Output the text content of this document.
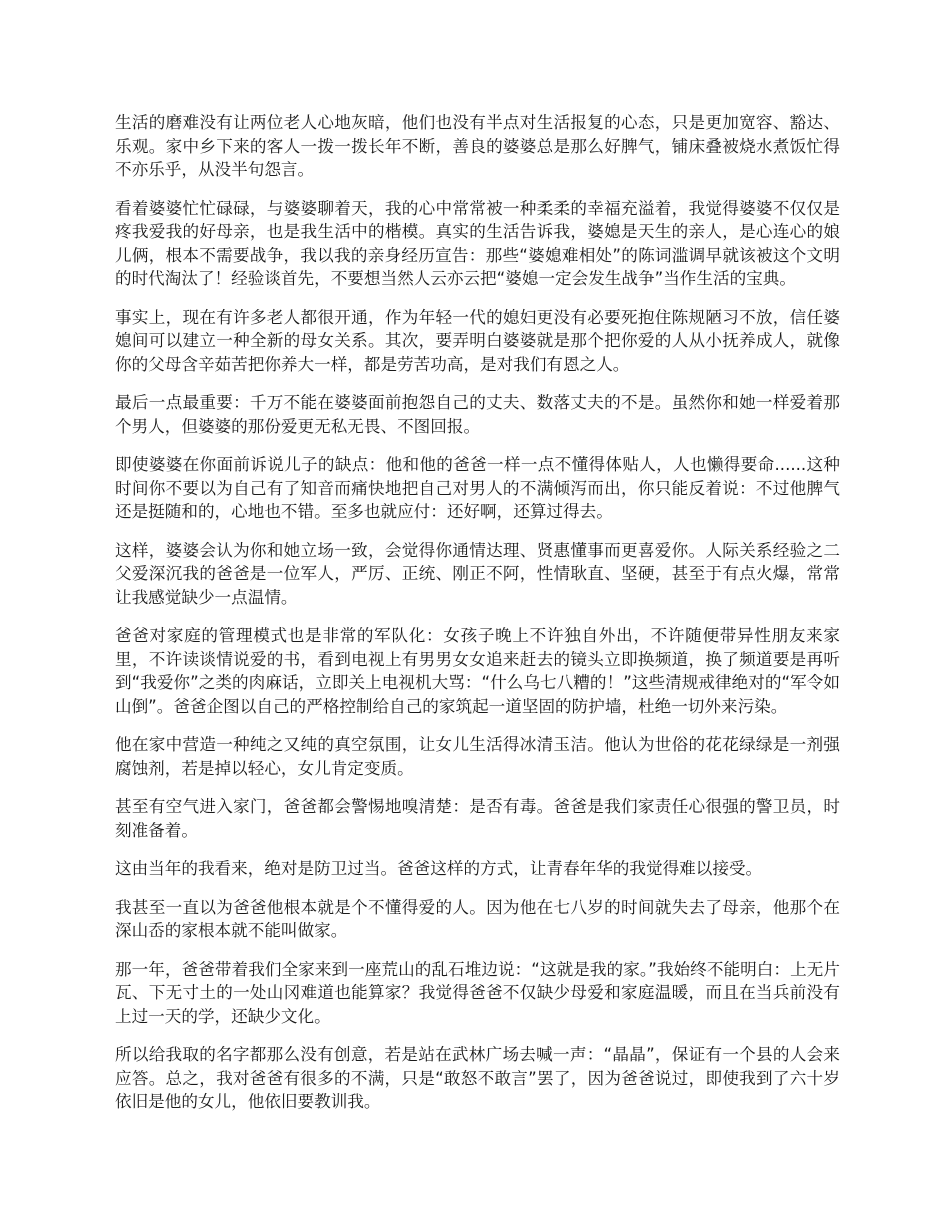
生活的磨难没有让两位老人心地灰暗，他们也没有半点对生活报复的心态，只是更加宽容、豁达、乐观。家中乡下来的客人一拨一拨长年不断，善良的婆婆总是那么好脾气，铺床叠被烧水煮饭忙得不亦乐乎，从没半句怨言。

看着婆婆忙忙碌碌，与婆婆聊着天，我的心中常常被一种柔柔的幸福充溢着，我觉得婆婆不仅仅是疼我爱我的好母亲，也是我生活中的楷模。真实的生活告诉我，婆媳是天生的亲人，是心连心的娘儿俩，根本不需要战争，我以我的亲身经历宣告：那些“婆媳难相处”的陈词滥调早就该被这个文明的时代淘汰了！经验谈首先，不要想当然人云亦云把“婆媳一定会发生战争”当作生活的宝典。

事实上，现在有许多老人都很开通，作为年轻一代的媳妇更没有必要死抱住陈规陋习不放，信任婆媳间可以建立一种全新的母女关系。其次，要弄明白婆婆就是那个把你爱的人从小抚养成人，就像你的父母含辛茹苦把你养大一样，都是劳苦功高，是对我们有恩之人。

最后一点最重要：千万不能在婆婆面前抱怨自己的丈夫、数落丈夫的不是。虽然你和她一样爱着那个男人，但婆婆的那份爱更无私无畏、不图回报。

即使婆婆在你面前诉说儿子的缺点：他和他的爸爸一样一点不懂得体贴人，人也懒得要命......这种时间你不要以为自己有了知音而痛快地把自己对男人的不满倾泻而出，你只能反着说：不过他脾气还是挺随和的，心地也不错。至多也就应付：还好啊，还算过得去。

这样，婆婆会认为你和她立场一致，会觉得你通情达理、贤惠懂事而更喜爱你。人际关系经验之二父爱深沉我的爸爸是一位军人，严厉、正统、刚正不阿，性情耿直、坚硬，甚至于有点火爆，常常让我感觉缺少一点温情。

爸爸对家庭的管理模式也是非常的军队化：女孩子晚上不许独自外出，不许随便带异性朋友来家里，不许读谈情说爱的书，看到电视上有男男女女追来赶去的镜头立即换频道，换了频道要是再听到“我爱你”之类的肉麻话，立即关上电视机大骂：“什么乌七八糟的！”这些清规戒律绝对的“军令如山倒”。爸爸企图以自己的严格控制给自己的家筑起一道坚固的防护墙，杜绝一切外来污染。

他在家中营造一种纯之又纯的真空氛围，让女儿生活得冰清玉洁。他认为世俗的花花绿绿是一剂强腐蚀剂，若是掉以轻心，女儿肯定变质。

甚至有空气进入家门，爸爸都会警惕地嗅清楚：是否有毒。爸爸是我们家责任心很强的警卫员，时刻准备着。

这由当年的我看来，绝对是防卫过当。爸爸这样的方式，让青春年华的我觉得难以接受。

我甚至一直以为爸爸他根本就是个不懂得爱的人。因为他在七八岁的时间就失去了母亲，他那个在深山岙的家根本就不能叫做家。

那一年，爸爸带着我们全家来到一座荒山的乱石堆边说：“这就是我的家。”我始终不能明白：上无片瓦、下无寸土的一处山冈难道也能算家？我觉得爸爸不仅缺少母爱和家庭温暖，而且在当兵前没有上过一天的学，还缺少文化。

所以给我取的名字都那么没有创意，若是站在武林广场去喊一声：“晶晶”，保证有一个县的人会来应答。总之，我对爸爸有很多的不满，只是“敢怒不敢言”罢了，因为爸爸说过，即使我到了六十岁依旧是他的女儿，他依旧要教训我。
